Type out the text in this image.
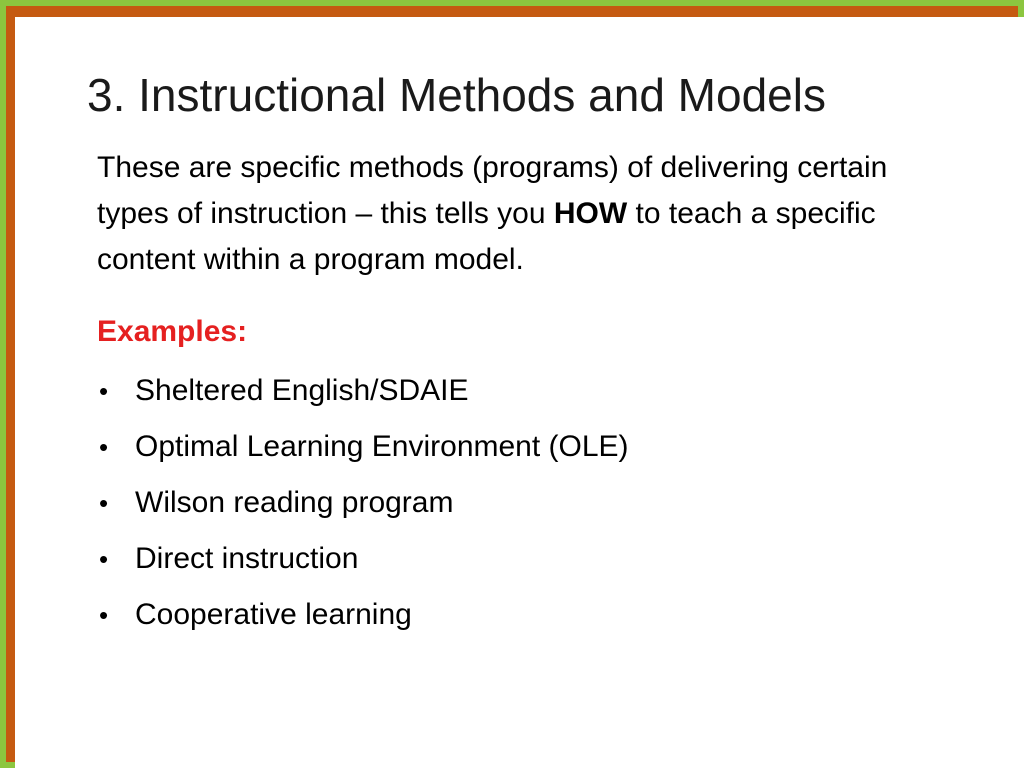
3. Instructional Methods and Models

These are specific methods (programs) of delivering certain types of instruction – this tells you HOW to teach a specific content within a program model.

Examples:

• Sheltered English/SDAIE
• Optimal Learning Environment (OLE)
• Wilson reading program
• Direct instruction
• Cooperative learning
